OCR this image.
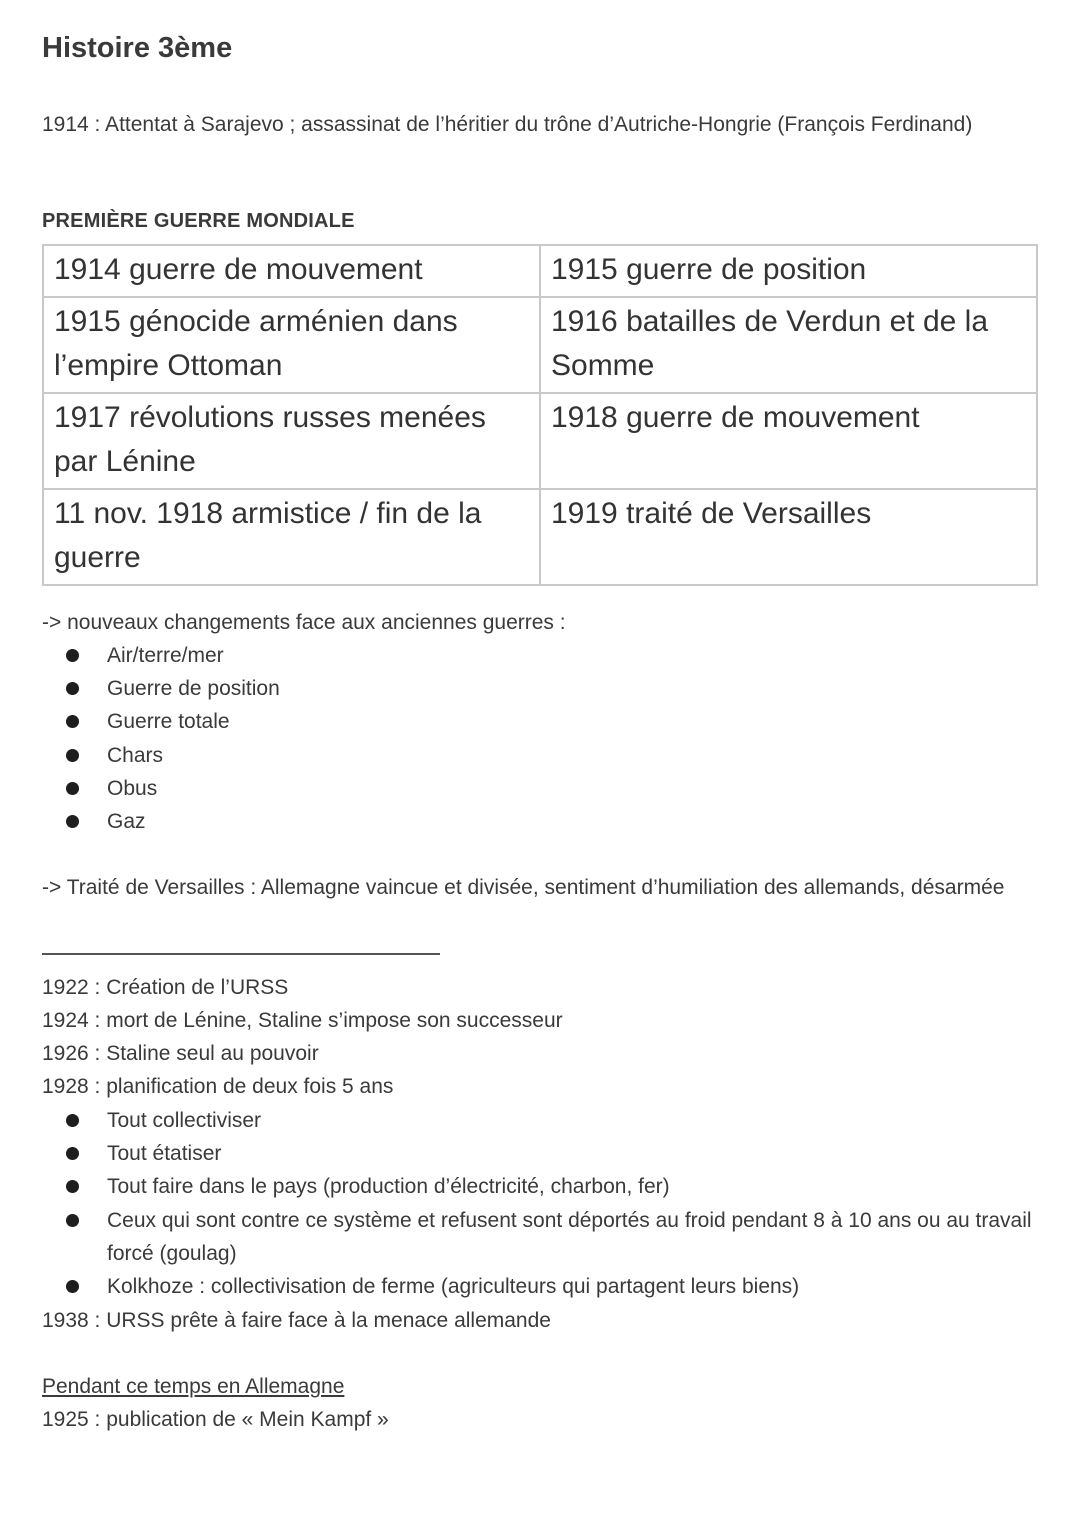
Histoire 3ème
1914 : Attentat à Sarajevo ; assassinat de l’héritier du trône d’Autriche-Hongrie (François Ferdinand)
PREMIÈRE GUERRE MONDIALE
1914 guerre de mouvement	1915 guerre de position
1915 génocide arménien dans l’empire Ottoman	1916 batailles de Verdun et de la Somme
1917 révolutions russes menées par Lénine	1918 guerre de mouvement
11 nov. 1918 armistice / fin de la guerre	1919 traité de Versailles
-> nouveaux changements face aux anciennes guerres :
Air/terre/mer
Guerre de position
Guerre totale
Chars
Obus
Gaz
-> Traité de Versailles : Allemagne vaincue et divisée, sentiment d’humiliation des allemands, désarmée
1922 : Création de l’URSS
1924 : mort de Lénine, Staline s’impose son successeur
1926 : Staline seul au pouvoir
1928 : planification de deux fois 5 ans
Tout collectiviser
Tout étatiser
Tout faire dans le pays (production d’électricité, charbon, fer)
Ceux qui sont contre ce système et refusent sont déportés au froid pendant 8 à 10 ans ou au travail forcé (goulag)
Kolkhoze : collectivisation de ferme (agriculteurs qui partagent leurs biens)
1938 : URSS prête à faire face à la menace allemande
Pendant ce temps en Allemagne
1925 : publication de « Mein Kampf »
